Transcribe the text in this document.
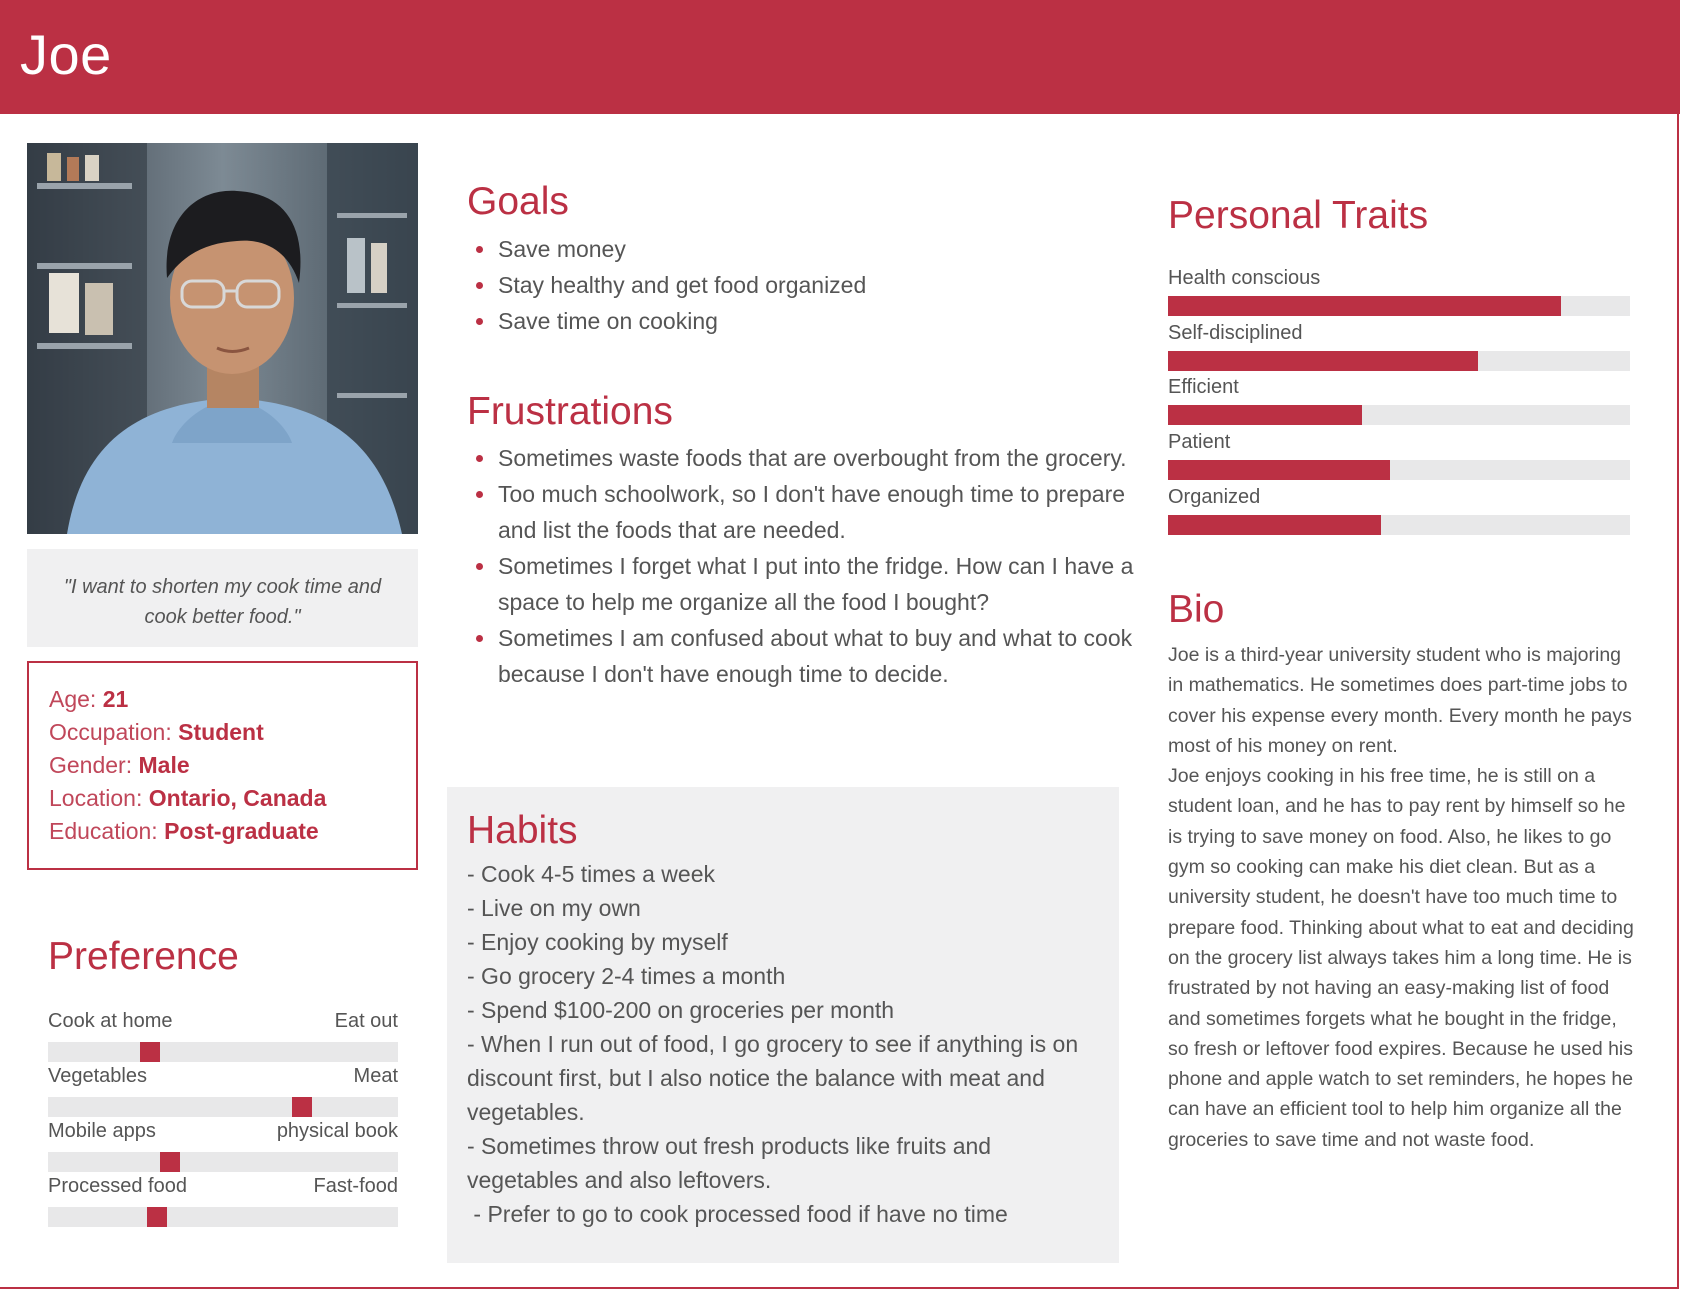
Joe
"I want to shorten my cook time and cook better food."
Age: 21
Occupation: Student
Gender: Male
Location: Ontario, Canada
Education: Post-graduate
Preference
Cook at home	Eat out
Vegetables	Meat
Mobile apps	physical book
Processed food	Fast-food
Goals
Save money
Stay healthy and get food organized
Save time on cooking
Frustrations
Sometimes waste foods that are overbought from the grocery.
Too much schoolwork, so I don't have enough time to prepare and list the foods that are needed.
Sometimes I forget what I put into the fridge. How can I have a space to help me organize all the food I bought?
Sometimes I am confused about what to buy and what to cook because I don't have enough time to decide.
Habits
- Cook 4-5 times a week
- Live on my own
- Enjoy cooking by myself
- Go grocery 2-4 times a month
- Spend $100-200 on groceries per month
- When I run out of food, I go grocery to see if anything is on discount first, but I also notice the balance with meat and vegetables.
- Sometimes throw out fresh products like fruits and vegetables and also leftovers.
- Prefer to go to cook processed food if have no time
Personal Traits
Health conscious
Self-disciplined
Efficient
Patient
Organized
Bio
Joe is a third-year university student who is majoring in mathematics. He sometimes does part-time jobs to cover his expense every month. Every month he pays most of his money on rent.
Joe enjoys cooking in his free time, he is still on a student loan, and he has to pay rent by himself so he is trying to save money on food. Also, he likes to go gym so cooking can make his diet clean. But as a university student, he doesn't have too much time to prepare food. Thinking about what to eat and deciding on the grocery list always takes him a long time. He is frustrated by not having an easy-making list of food and sometimes forgets what he bought in the fridge, so fresh or leftover food expires. Because he used his phone and apple watch to set reminders, he hopes he can have an efficient tool to help him organize all the groceries to save time and not waste food.
